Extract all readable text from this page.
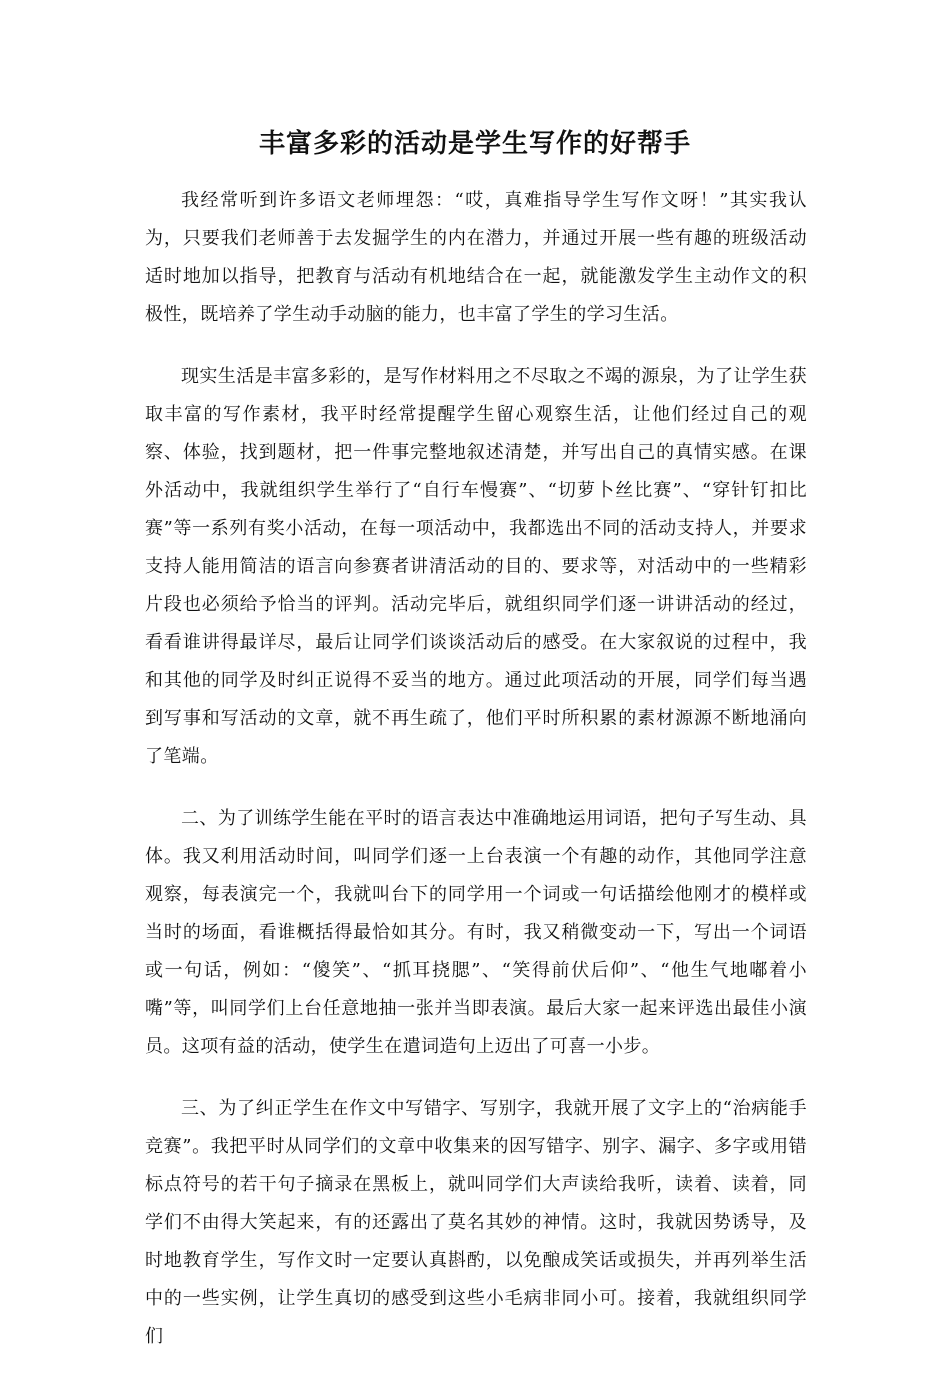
丰富多彩的活动是学生写作的好帮手

我经常听到许多语文老师埋怨：“哎，真难指导学生写作文呀！”其实我认为，只要我们老师善于去发掘学生的内在潜力，并通过开展一些有趣的班级活动适时地加以指导，把教育与活动有机地结合在一起，就能激发学生主动作文的积极性，既培养了学生动手动脑的能力，也丰富了学生的学习生活。

现实生活是丰富多彩的，是写作材料用之不尽取之不竭的源泉，为了让学生获取丰富的写作素材，我平时经常提醒学生留心观察生活，让他们经过自己的观察、体验，找到题材，把一件事完整地叙述清楚，并写出自己的真情实感。在课外活动中，我就组织学生举行了“自行车慢赛”、“切萝卜丝比赛”、“穿针钉扣比赛”等一系列有奖小活动，在每一项活动中，我都选出不同的活动支持人，并要求支持人能用简洁的语言向参赛者讲清活动的目的、要求等，对活动中的一些精彩片段也必须给予恰当的评判。活动完毕后，就组织同学们逐一讲讲活动的经过，看看谁讲得最详尽，最后让同学们谈谈活动后的感受。在大家叙说的过程中，我和其他的同学及时纠正说得不妥当的地方。通过此项活动的开展，同学们每当遇到写事和写活动的文章，就不再生疏了，他们平时所积累的素材源源不断地涌向了笔端。

二、为了训练学生能在平时的语言表达中准确地运用词语，把句子写生动、具体。我又利用活动时间，叫同学们逐一上台表演一个有趣的动作，其他同学注意观察，每表演完一个，我就叫台下的同学用一个词或一句话描绘他刚才的模样或当时的场面，看谁概括得最恰如其分。有时，我又稍微变动一下，写出一个词语或一句话，例如：“傻笑”、“抓耳挠腮”、“笑得前伏后仰”、“他生气地嘟着小嘴”等，叫同学们上台任意地抽一张并当即表演。最后大家一起来评选出最佳小演员。这项有益的活动，使学生在遣词造句上迈出了可喜一小步。

三、为了纠正学生在作文中写错字、写别字，我就开展了文字上的“治病能手竞赛”。我把平时从同学们的文章中收集来的因写错字、别字、漏字、多字或用错标点符号的若干句子摘录在黑板上，就叫同学们大声读给我听，读着、读着，同学们不由得大笑起来，有的还露出了莫名其妙的神情。这时，我就因势诱导，及时地教育学生，写作文时一定要认真斟酌，以免酿成笑话或损失，并再列举生活中的一些实例，让学生真切的感受到这些小毛病非同小可。接着，我就组织同学们
